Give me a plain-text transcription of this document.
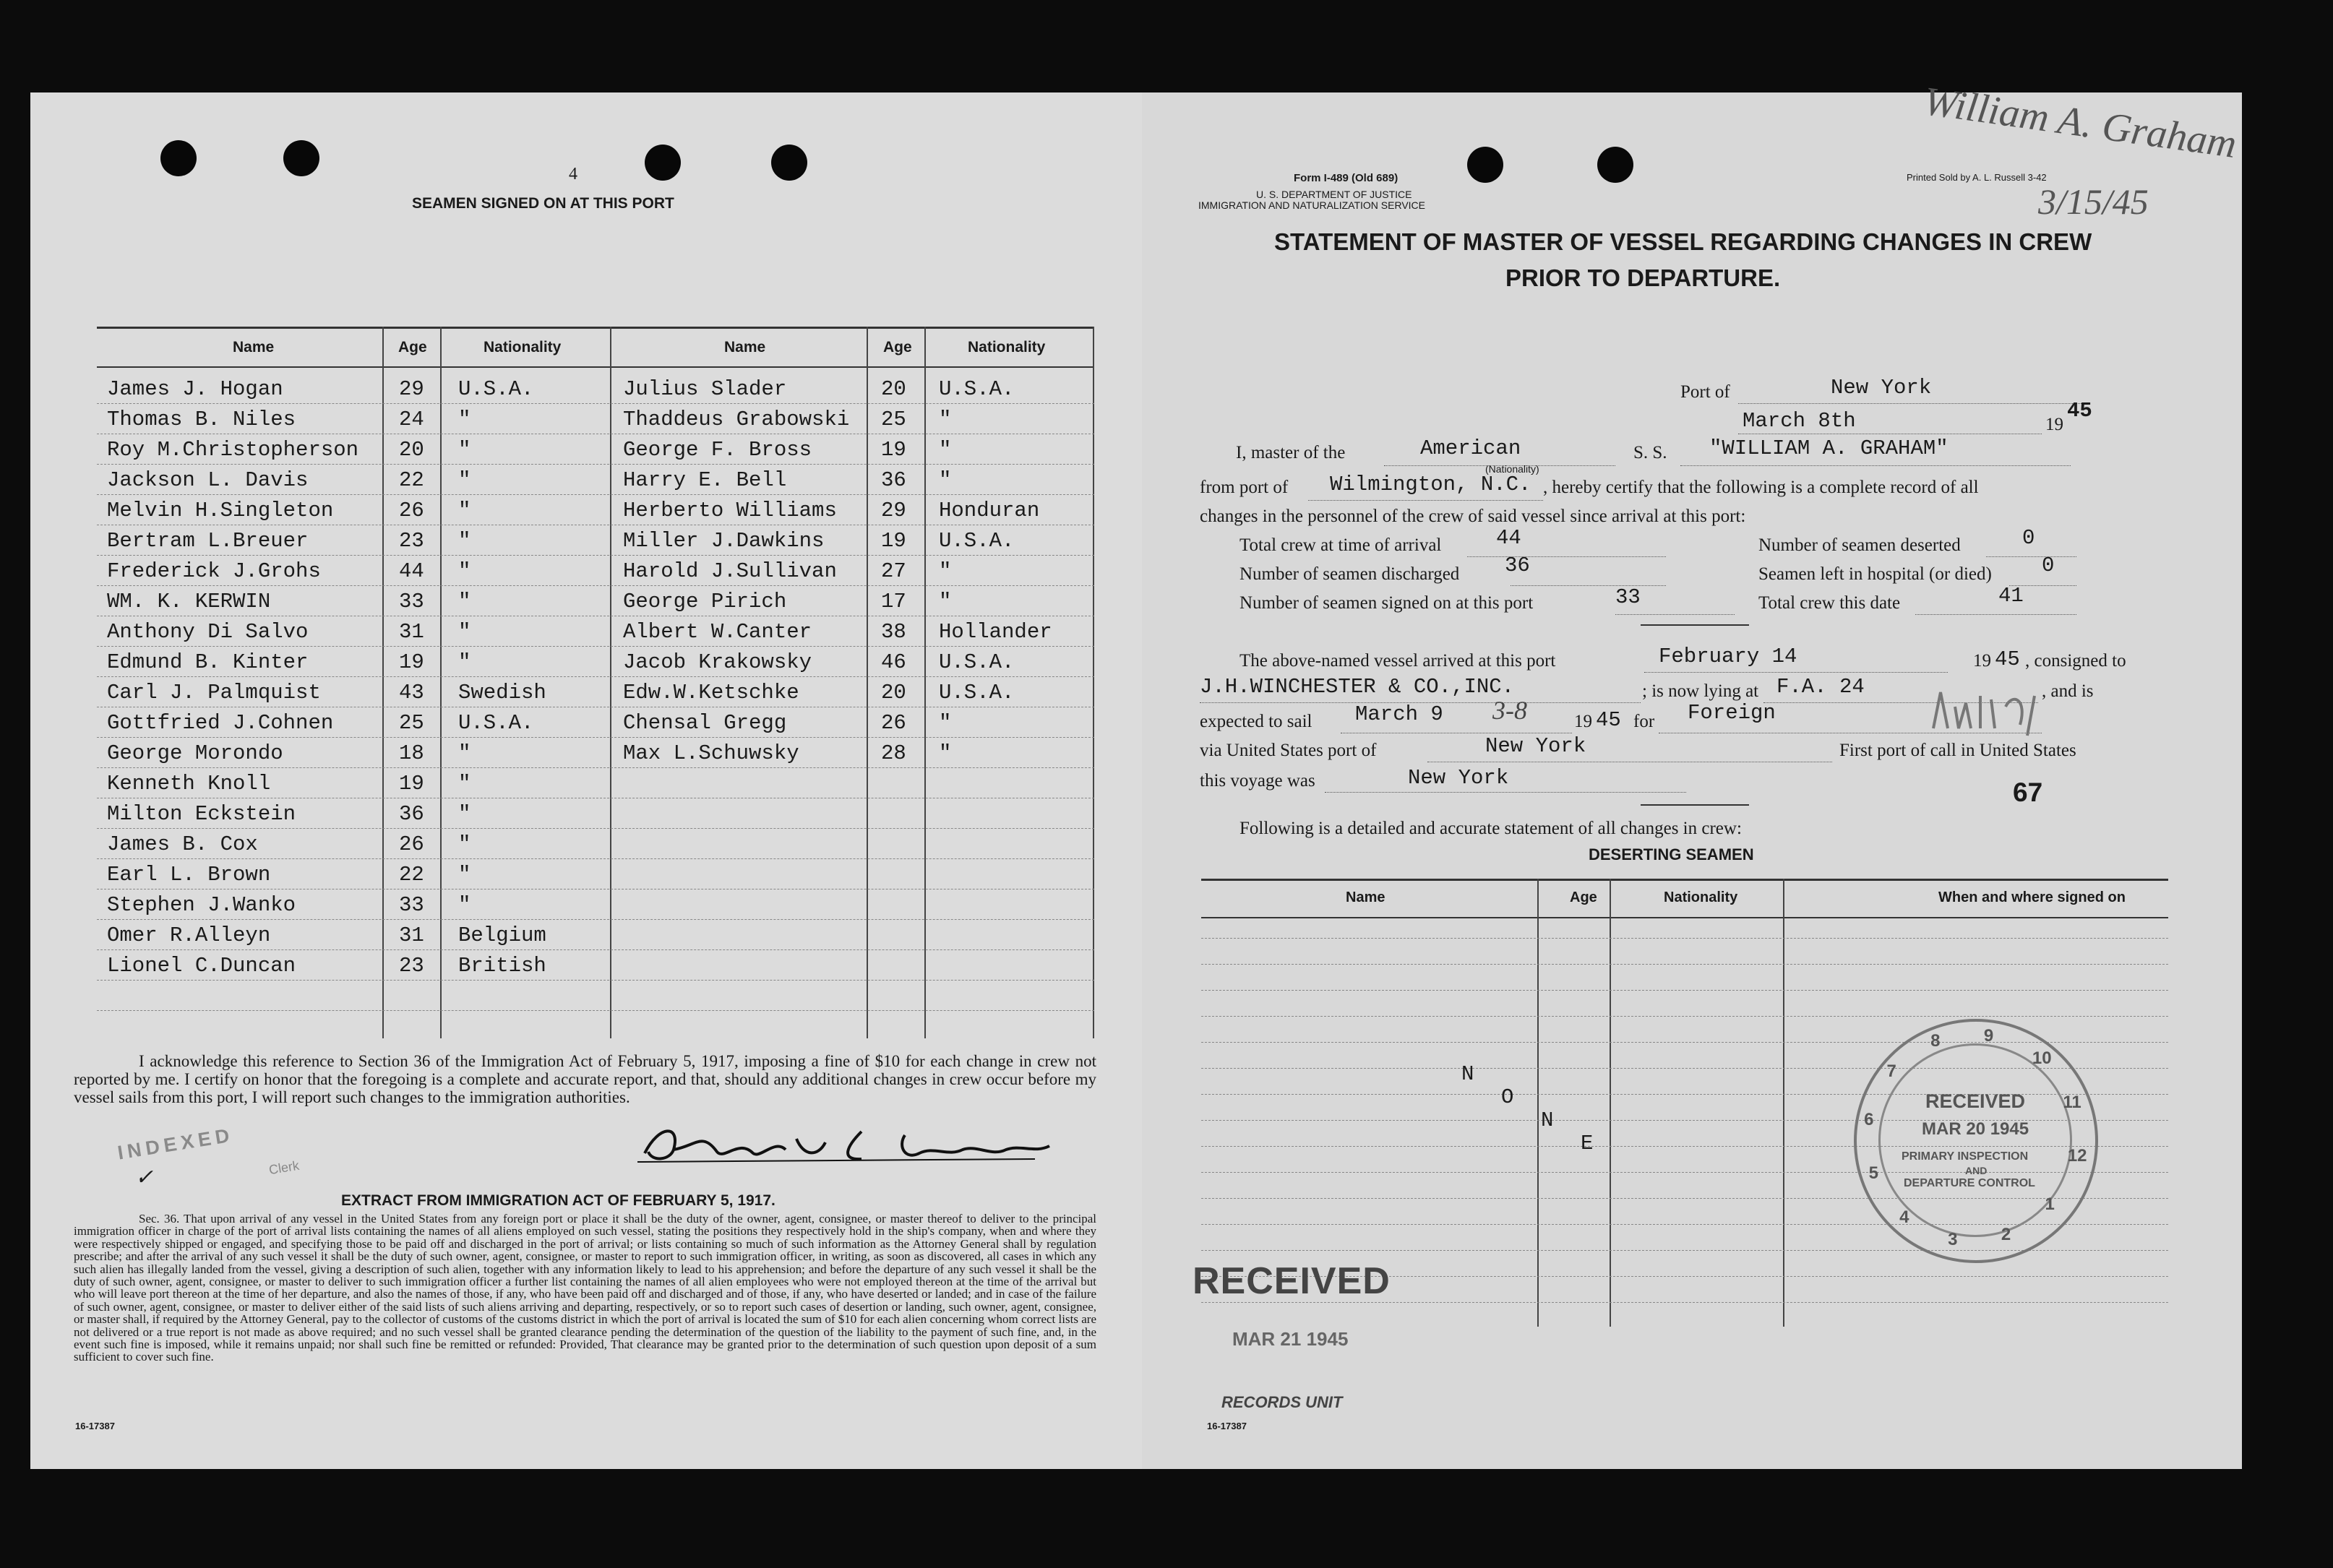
4
SEAMEN SIGNED ON AT THIS PORT
Name	Age	Nationality	Name	Age	Nationality
James J. Hogan	29 U.S.A.	Julius Slader	20 U.S.A.
Thomas B. Niles	24 "	Thaddeus Grabowski 25 "
Roy M.Christopherson 20 "	George F. Bross	19 "
Jackson L. Davis	22 "	Harry E. Bell	36 "
Melvin H.Singleton	26 "	Herberto Williams 29 Honduran
Bertram L.Breuer	23 "	Miller J.Dawkins	19 U.S.A.
Frederick J.Grohs	44 "	Harold J.Sullivan 27 "
WM. K. KERWIN	33 "	George Pirich	17 "
Anthony Di Salvo	31 "	Albert W.Canter	38 Hollander
Edmund B. Kinter	19 "	Jacob Krakowsky	46 U.S.A.
Carl J. Palmquist	43 Swedish	Edw.W.Ketschke	20 U.S.A.
Gottfried J.Cohnen	25 U.S.A.	Chensal Gregg	26 "
George Morondo	18 "	Max L.Schuwsky	28 "
Kenneth Knoll	19 "
Milton Eckstein	36 "
James B. Cox	26 "
Earl L. Brown	22 "
Stephen J.Wanko	33 "
Omer R.Alleyn	31 Belgium
Lionel C.Duncan	23 British
I acknowledge this reference to Section 36 of the Immigration Act of February 5, 1917, imposing a fine of $10 for each change in crew not reported by me. I certify on honor that the foregoing is a complete and accurate report, and that, should any additional changes in crew occur before my vessel sails from this port, I will report such changes to the immigration authorities.
INDEXED
✓	Clerk
EXTRACT FROM IMMIGRATION ACT OF FEBRUARY 5, 1917.
Sec. 36. That upon arrival of any vessel in the United States from any foreign port or place it shall be the duty of the owner, agent, consignee, or master thereof to deliver to the principal immigration officer in charge of the port of arrival lists containing the names of all aliens employed on such vessel, stating the positions they respectively hold in the ship's company, when and where they were respectively shipped or engaged, and specifying those to be paid off and discharged in the port of arrival; or lists containing so much of such information as the Attorney General shall by regulation prescribe; and after the arrival of any such vessel it shall be the duty of such owner, agent, consignee, or master to report to such immigration officer, in writing, as soon as discovered, all cases in which any such alien has illegally landed from the vessel, giving a description of such alien, together with any information likely to lead to his apprehension; and before the departure of any such vessel it shall be the duty of such owner, agent, consignee, or master to deliver to such immigration officer a further list containing the names of all alien employees who were not employed thereon at the time of the arrival but who will leave port thereon at the time of her departure, and also the names of those, if any, who have been paid off and discharged and of those, if any, who have deserted or landed; and in case of the failure of such owner, agent, consignee, or master to deliver either of the said lists of such aliens arriving and departing, respectively, or so to report such cases of desertion or landing, such owner, agent, consignee, or master shall, if required by the Attorney General, pay to the collector of customs of the customs district in which the port of arrival is located the sum of $10 for each alien concerning whom correct lists are not delivered or a true report is not made as above required; and no such vessel shall be granted clearance pending the determination of the question of the liability to the payment of such fine, and, in the event such fine is imposed, while it remains unpaid; nor shall such fine be remitted or refunded: Provided, That clearance may be granted prior to the determination of such question upon deposit of a sum sufficient to cover such fine.
16-17387
Form I-489 (Old 689)
U. S. DEPARTMENT OF JUSTICE
IMMIGRATION AND NATURALIZATION SERVICE
Printed Sold by A. L. Russell 3-42
William A. Graham
3/15/45
STATEMENT OF MASTER OF VESSEL REGARDING CHANGES IN CREW
PRIOR TO DEPARTURE.
Port of	New York
March 8th	19
45
I, master of the	American
(Nationality)
S. S. "WILLIAM A. GRAHAM"
from port of Wilmington, N.C. , hereby certify that the following is a complete record of all
changes in the personnel of the crew of said vessel since arrival at this port:
Total crew at time of arrival	44
Number of seamen discharged 36
Number of seamen signed on at this port	33
Number of seamen deserted	0
Seamen left in hospital (or died) 0
Total crew this date	41
The above-named vessel arrived at this port	February 14	19 45 , consigned to
J.H.WINCHESTER & CO.,INC.	; is now lying at F.A. 24	, and is
expected to sail March 9 3-8	19 45 for Foreign
via United States port of	New York	First port of call in United States
this voyage was	New York	67
Following is a detailed and accurate statement of all changes in crew:
DESERTING SEAMEN
Name	Age	Nationality	When and where signed on
N
O
N
E
8	9
10
11
12
1
2
3
4
5
6
7
RECEIVED
MAR 20 1945
PRIMARY INSPECTION
AND
DEPARTURE CONTROL
RECEIVED
MAR 21 1945
RECORDS UNIT
16-17387
